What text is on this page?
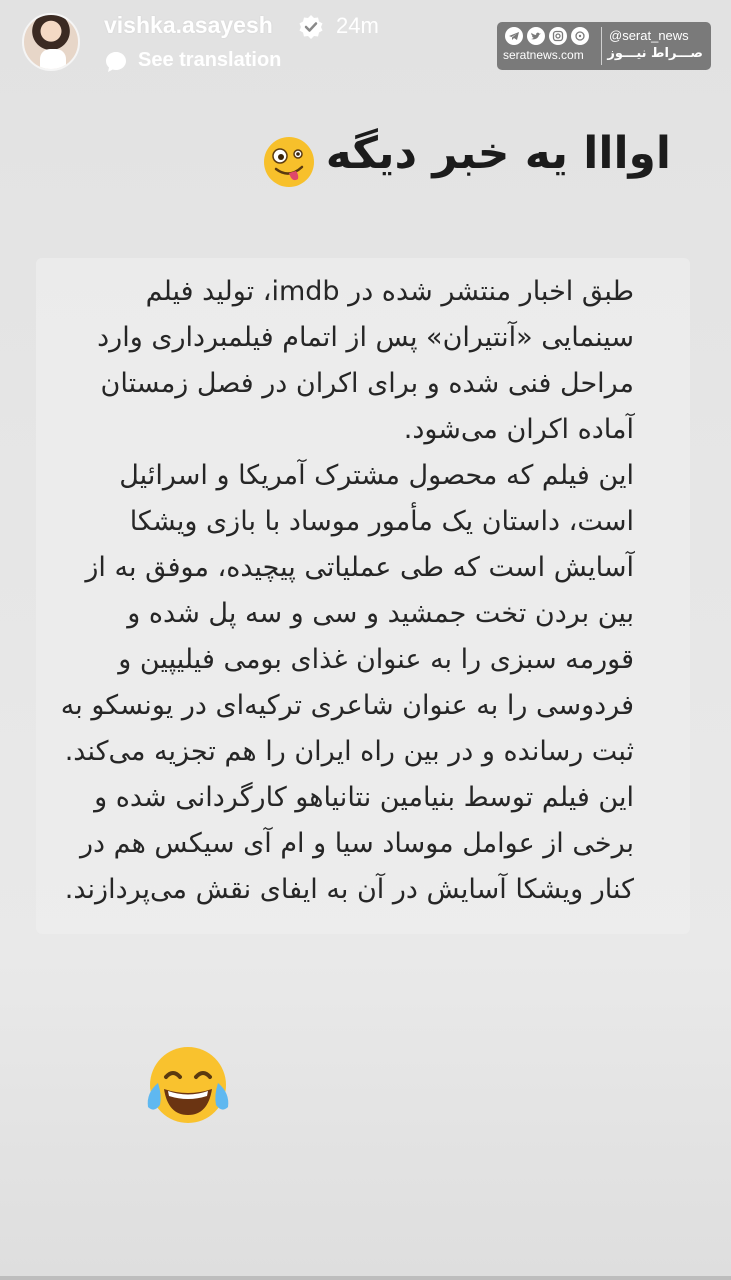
vishka.asayesh	24m
See translation	seratnews.com
@serat_news
صـــراط نیـــوز
اوااا یه خبر دیگه
طبق اخبار منتشر شده در imdb، تولید فیلم
سینمایی «آنتیران» پس از اتمام فیلمبرداری وارد
مراحل فنی شده و برای اکران در فصل زمستان
آماده اکران می‌شود.
این فیلم که محصول مشترک آمریکا و اسرائیل
است، داستان یک مأمور موساد با بازی ویشکا
آسایش است که طی عملیاتی پیچیده، موفق به از
بین بردن تخت جمشید و سی و سه پل شده و
قورمه سبزی را به عنوان غذای بومی فیلیپین و
فردوسی را به عنوان شاعری ترکیه‌ای در یونسکو به
ثبت رسانده و در بین راه ایران را هم تجزیه می‌کند.
این فیلم توسط بنیامین نتانیاهو کارگردانی شده و
برخی از عوامل موساد سیا و ام آی سیکس هم در
کنار ویشکا آسایش در آن به ایفای نقش می‌پردازند.
